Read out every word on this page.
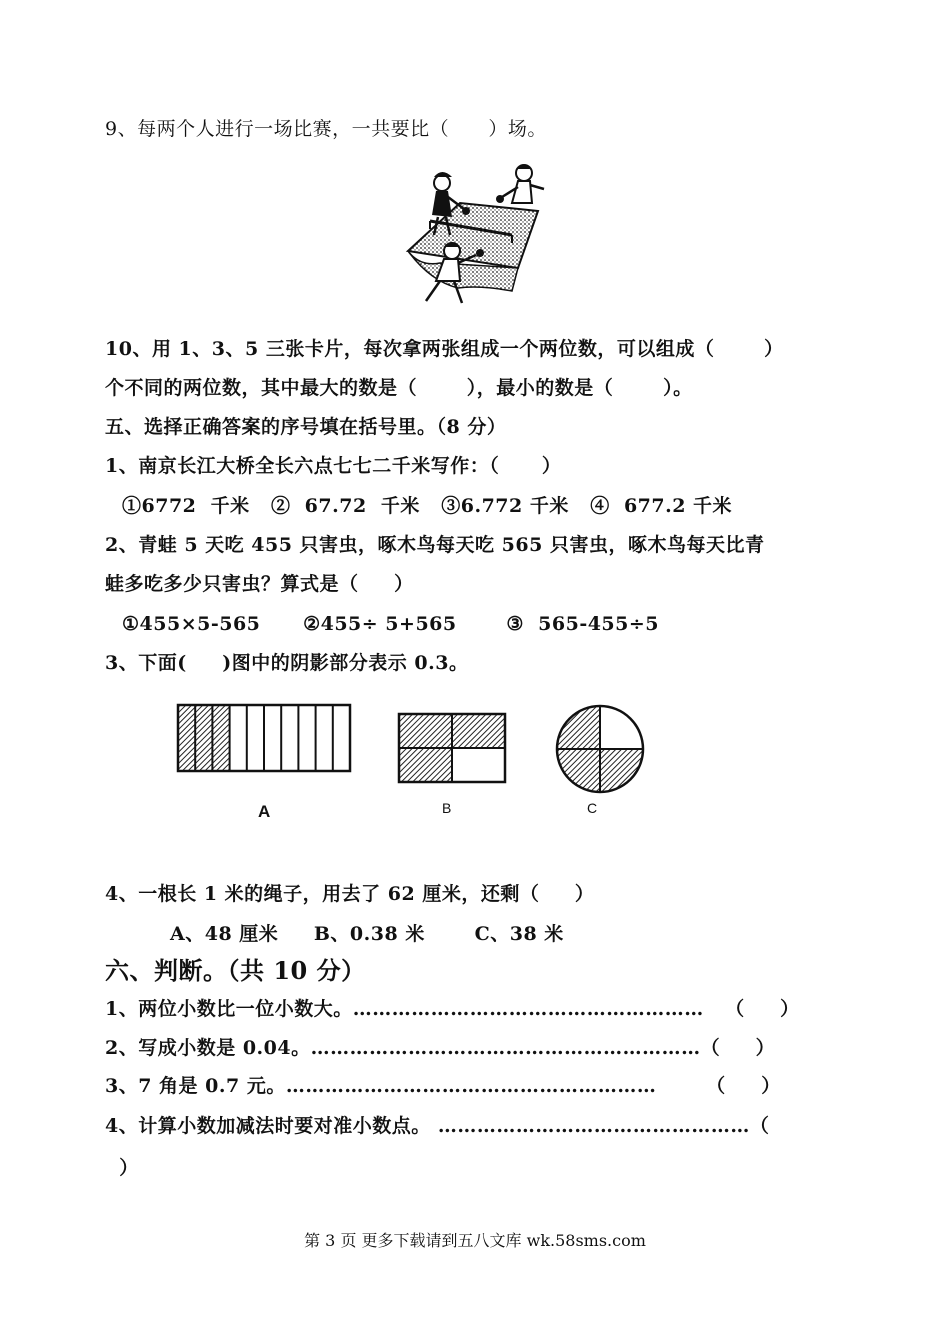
9、每两个人进行一场比赛，一共要比（      ）场。
10、用 1、3、5 三张卡片，每次拿两张组成一个两位数，可以组成（       ）
个不同的两位数，其中最大的数是（       ），最小的数是（       ）。
五、选择正确答案的序号填在括号里。（8 分）
1、南京长江大桥全长六点七七二千米写作：（      ）
①6772  千米   ②  67.72  千米   ③6.772 千米   ④  677.2 千米
2、青蛙 5 天吃 455 只害虫，啄木鸟每天吃 565 只害虫，啄木鸟每天比青
蛙多吃多少只害虫？算式是（     ）
①455×5-565      ②455÷ 5+565       ③  565-455÷5
3、下面(     )图中的阴影部分表示 0.3。
A	B	C
4、一根长 1 米的绳子，用去了 62 厘米，还剩（     ）
A、48 厘米     B、0.38 米       C、38 米
六、判断。（共 10 分）
1、两位小数比一位小数大。………………………………………………   （     ）
2、写成小数是 0.04。……………………………………………………（     ）
3、7 角是 0.7 元。…………………………………………………       （     ）
4、计算小数加减法时要对准小数点。 …………………………………………（
）
第 3 页 更多下载请到五八文库 wk.58sms.com
